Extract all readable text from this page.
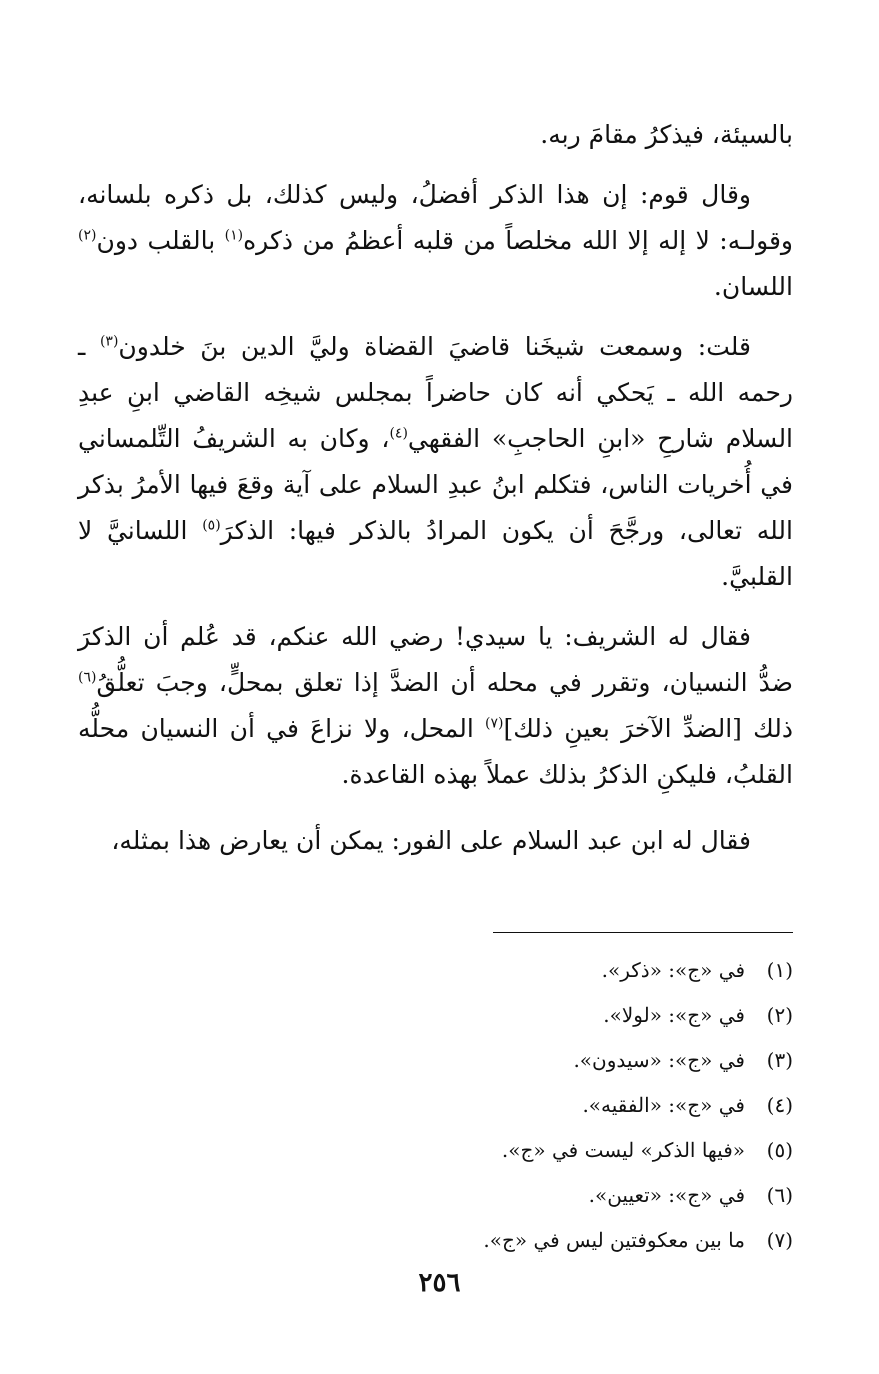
بالسيئة، فيذكرُ مقامَ ربه.

وقال قوم: إن هذا الذكر أفضلُ، وليس كذلك، بل ذكره بلسانه، وقولـه: لا إله إلا الله مخلصاً من قلبه أعظمُ من ذكره$^{(١)}$ بالقلب دون$^{(٢)}$ اللسان.

قلت: وسمعت شيخَنا قاضيَ القضاة وليَّ الدين بنَ خلدون$^{(٣)}$ ـ رحمه الله ـ يَحكي أنه كان حاضراً بمجلس شيخِه القاضي ابنِ عبدِ السلام شارحِ «ابنِ الحاجبِ» الفقهي$^{(٤)}$، وكان به الشريفُ التِّلمساني في أُخريات الناس، فتكلم ابنُ عبدِ السلام على آية وقعَ فيها الأمرُ بذكر الله تعالى، ورجَّحَ أن يكون المرادُ بالذكر فيها: الذكرَ$^{(٥)}$ اللسانيَّ لا القلبيَّ.

فقال له الشريف: يا سيدي! رضي الله عنكم، قد عُلم أن الذكرَ ضدُّ النسيان، وتقرر في محله أن الضدَّ إذا تعلق بمحلٍّ، وجبَ تعلُّقُ$^{(٦)}$ ذلك [الضدِّ الآخرَ بعينِ ذلك]$^{(٧)}$ المحل، ولا نزاعَ في أن النسيان محلُّه القلبُ، فليكنِ الذكرُ بذلك عملاً بهذه القاعدة.

فقال له ابن عبد السلام على الفور: يمكن أن يعارض هذا بمثله،

(١)في «ج»: «ذكر».
(٢)في «ج»: «لولا».
(٣)في «ج»: «سيدون».
(٤)في «ج»: «الفقيه».
(٥)«فيها الذكر» ليست في «ج».
(٦)في «ج»: «تعيين».
(٧)ما بين معكوفتين ليس في «ج».
٢٥٦
